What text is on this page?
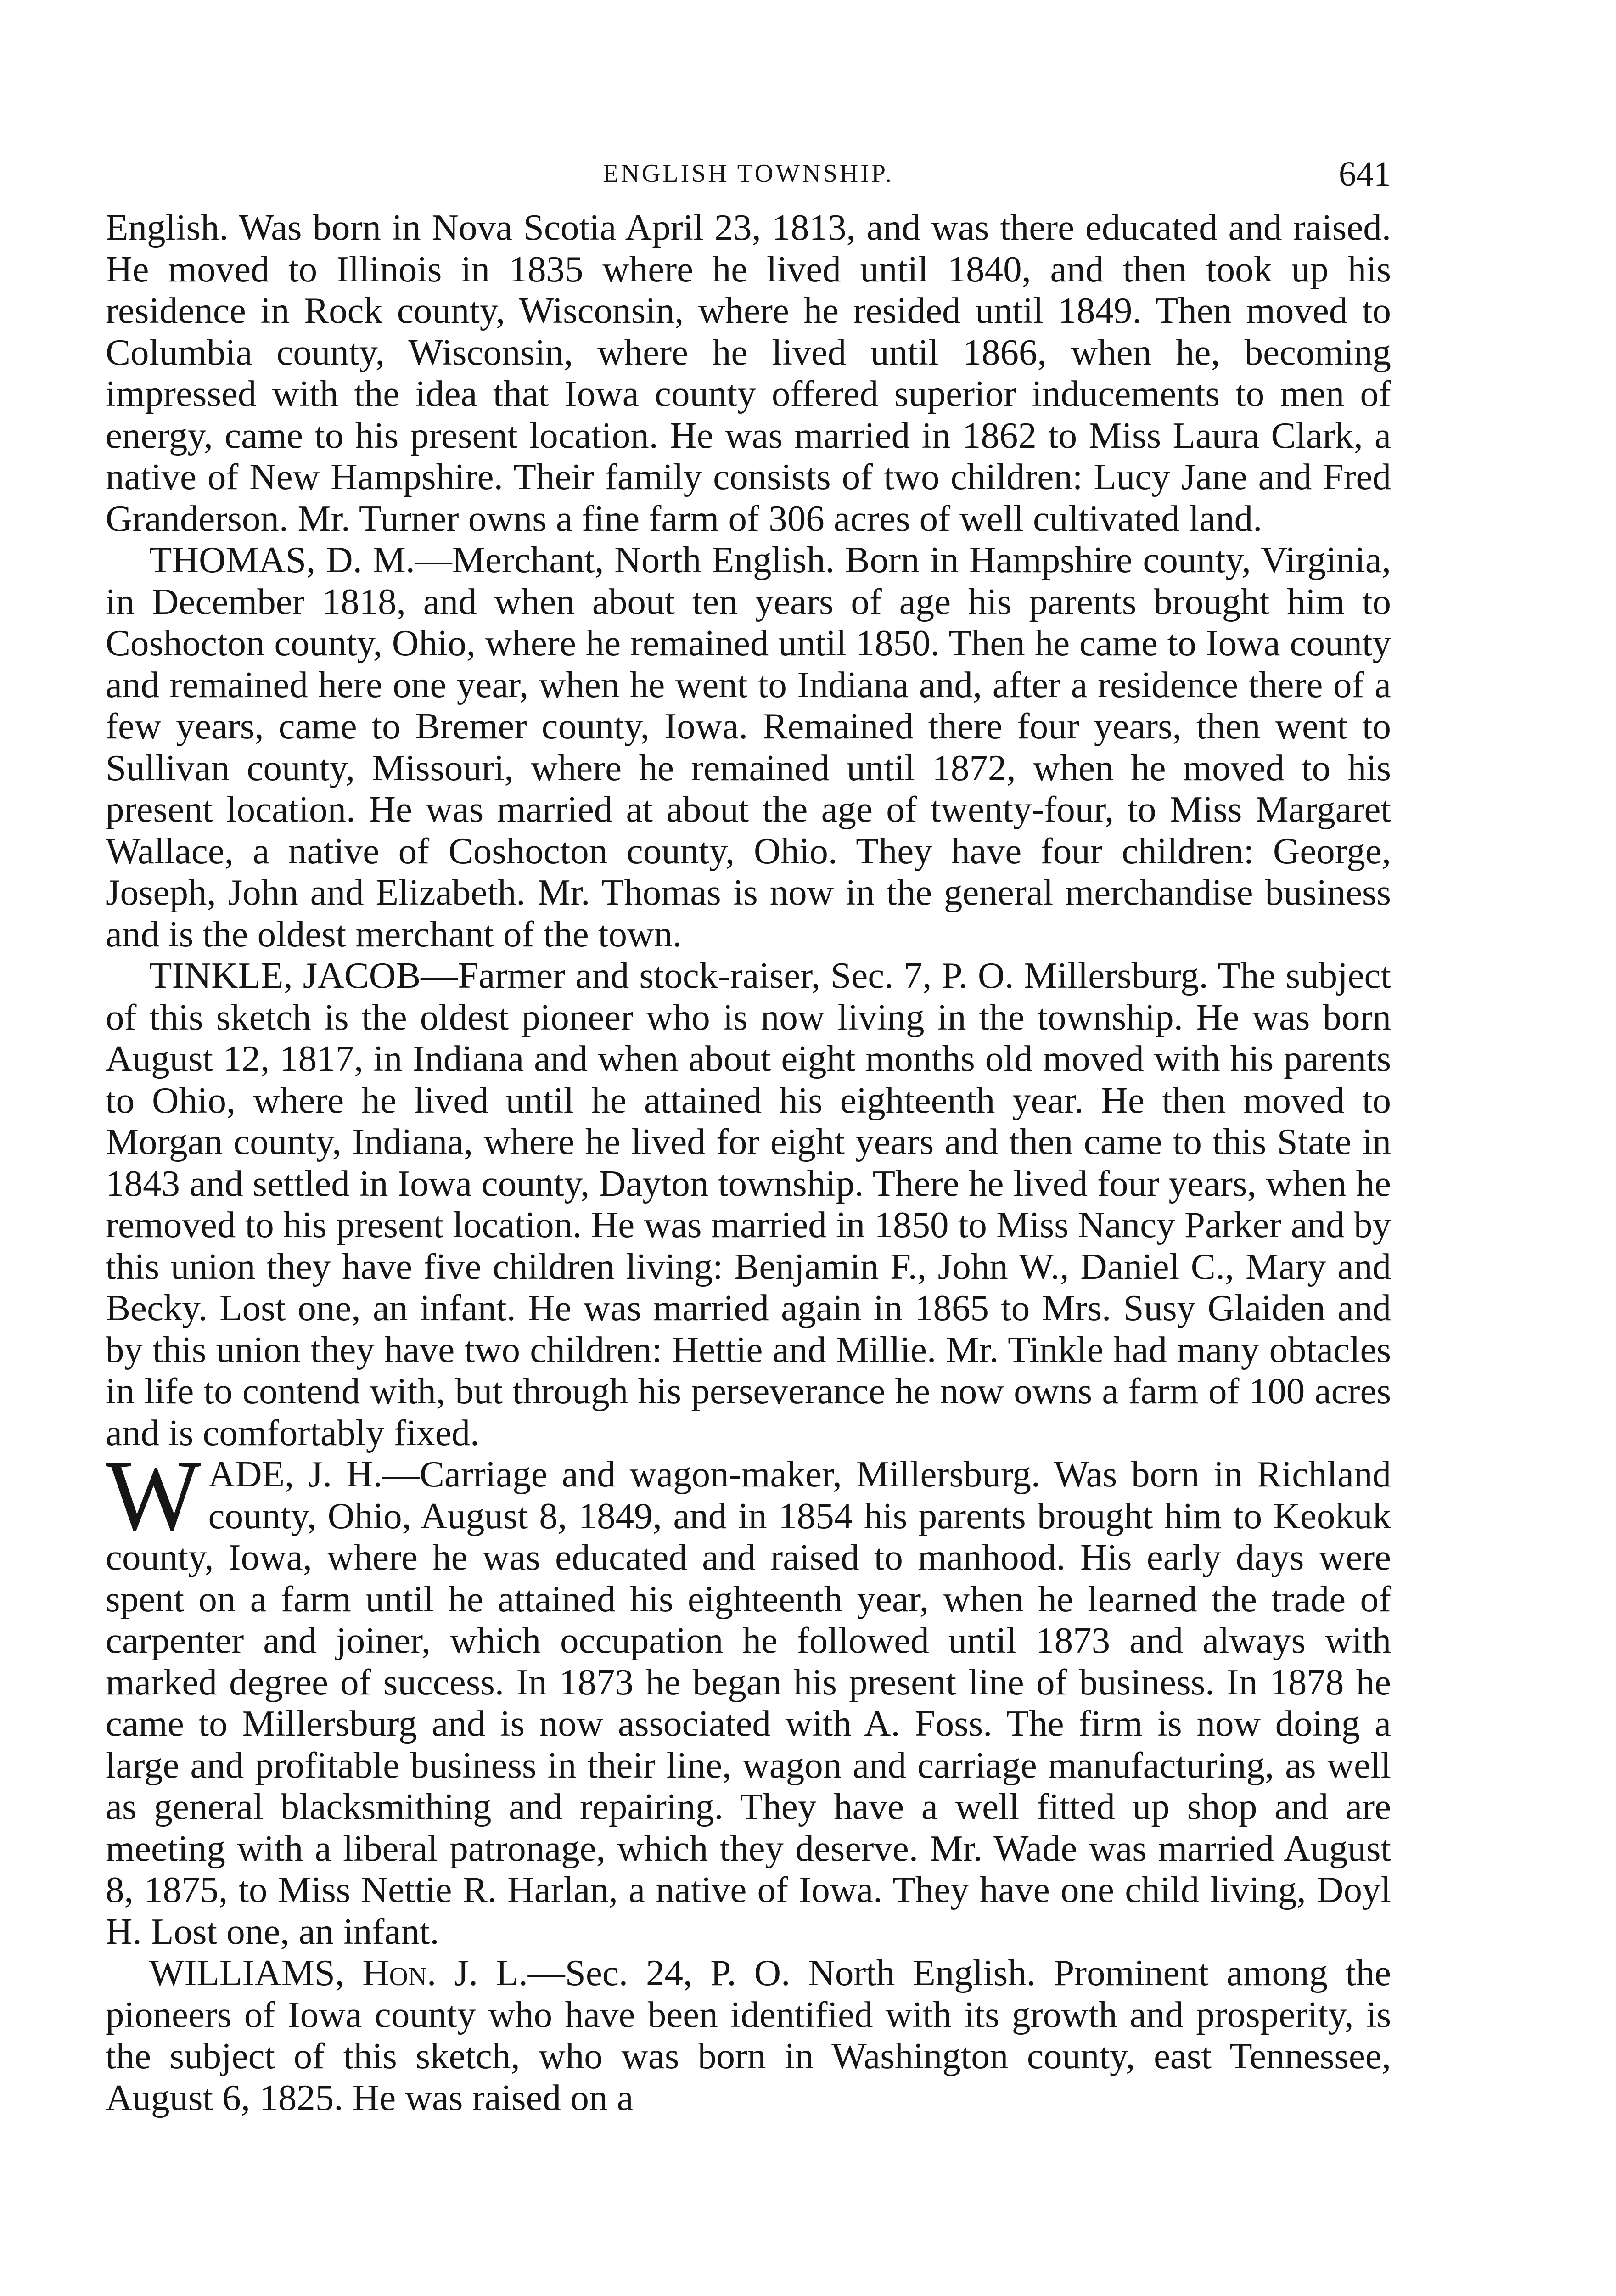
ENGLISH TOWNSHIP.	641

English. Was born in Nova Scotia April 23, 1813, and was there educated and raised. He moved to Illinois in 1835 where he lived until 1840, and then took up his residence in Rock county, Wisconsin, where he resided until 1849. Then moved to Columbia county, Wisconsin, where he lived until 1866, when he, becoming impressed with the idea that Iowa county offered superior inducements to men of energy, came to his present location. He was married in 1862 to Miss Laura Clark, a native of New Hampshire. Their family consists of two children: Lucy Jane and Fred Granderson. Mr. Turner owns a fine farm of 306 acres of well cultivated land.

THOMAS, D. M.—Merchant, North English. Born in Hampshire county, Virginia, in December 1818, and when about ten years of age his parents brought him to Coshocton county, Ohio, where he remained until 1850. Then he came to Iowa county and remained here one year, when he went to Indiana and, after a residence there of a few years, came to Bremer county, Iowa. Remained there four years, then went to Sullivan county, Missouri, where he remained until 1872, when he moved to his present location. He was married at about the age of twenty-four, to Miss Margaret Wallace, a native of Coshocton county, Ohio. They have four children: George, Joseph, John and Elizabeth. Mr. Thomas is now in the general merchandise business and is the oldest merchant of the town.

TINKLE, JACOB—Farmer and stock-raiser, Sec. 7, P. O. Millersburg. The subject of this sketch is the oldest pioneer who is now living in the township. He was born August 12, 1817, in Indiana and when about eight months old moved with his parents to Ohio, where he lived until he attained his eighteenth year. He then moved to Morgan county, Indiana, where he lived for eight years and then came to this State in 1843 and settled in Iowa county, Dayton township. There he lived four years, when he removed to his present location. He was married in 1850 to Miss Nancy Parker and by this union they have five children living: Benjamin F., John W., Daniel C., Mary and Becky. Lost one, an infant. He was married again in 1865 to Mrs. Susy Glaiden and by this union they have two children: Hettie and Millie. Mr. Tinkle had many obtacles in life to contend with, but through his perseverance he now owns a farm of 100 acres and is comfortably fixed.

WADE, J. H.—Carriage and wagon-maker, Millersburg. Was born in Richland county, Ohio, August 8, 1849, and in 1854 his parents brought him to Keokuk county, Iowa, where he was educated and raised to manhood. His early days were spent on a farm until he attained his eighteenth year, when he learned the trade of carpenter and joiner, which occupation he followed until 1873 and always with marked degree of success. In 1873 he began his present line of business. In 1878 he came to Millersburg and is now associated with A. Foss. The firm is now doing a large and profitable business in their line, wagon and carriage manufacturing, as well as general blacksmithing and repairing. They have a well fitted up shop and are meeting with a liberal patronage, which they deserve. Mr. Wade was married August 8, 1875, to Miss Nettie R. Harlan, a native of Iowa. They have one child living, Doyl H. Lost one, an infant.

WILLIAMS, Hon. J. L.—Sec. 24, P. O. North English. Prominent among the pioneers of Iowa county who have been identified with its growth and prosperity, is the subject of this sketch, who was born in Washington county, east Tennessee, August 6, 1825. He was raised on a
